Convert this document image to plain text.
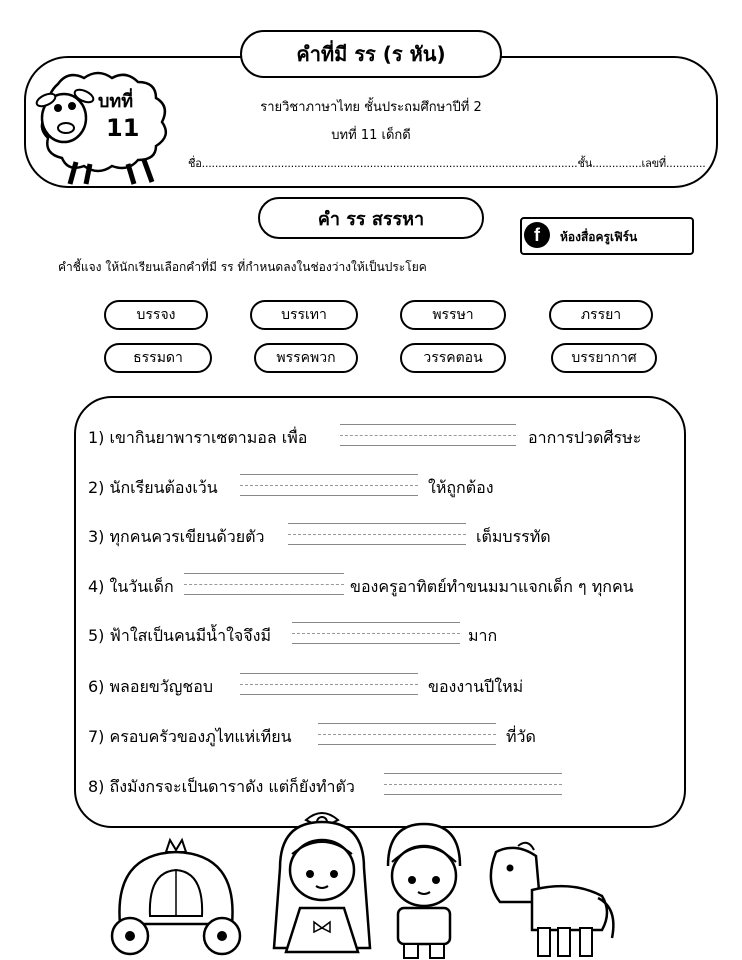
คำที่มี รร (ร หัน)
บทที่
11
รายวิชาภาษาไทย ชั้นประถมศึกษาปีที่ 2
บทที่ 11 เด็กดี
ชื่อ..................................................................................................................ชั้น...............เลขที่............
คำ รร สรรหา
f	ห้องสื่อครูเฟิร์น
คำชี้แจง ให้นักเรียนเลือกคำที่มี รร ที่กำหนดลงในช่องว่างให้เป็นประโยค
บรรจง	บรรเทา	พรรษา	ภรรยา
ธรรมดา	พรรคพวก	วรรคตอน	บรรยากาศ
1) เขากินยาพาราเซตามอล เพื่อ	อาการปวดศีรษะ
2) นักเรียนต้องเว้น	ให้ถูกต้อง
3) ทุกคนควรเขียนด้วยตัว	เต็มบรรทัด
4) ในวันเด็ก	ของครูอาทิตย์ทำขนมมาแจกเด็ก ๆ ทุกคน
5) ฟ้าใสเป็นคนมีน้ำใจจึงมี	มาก
6) พลอยขวัญชอบ	ของงานปีใหม่
7) ครอบครัวของภูไทแห่เทียน	ที่วัด
8) ถึงมังกรจะเป็นดาราดัง แต่ก็ยังทำตัว
